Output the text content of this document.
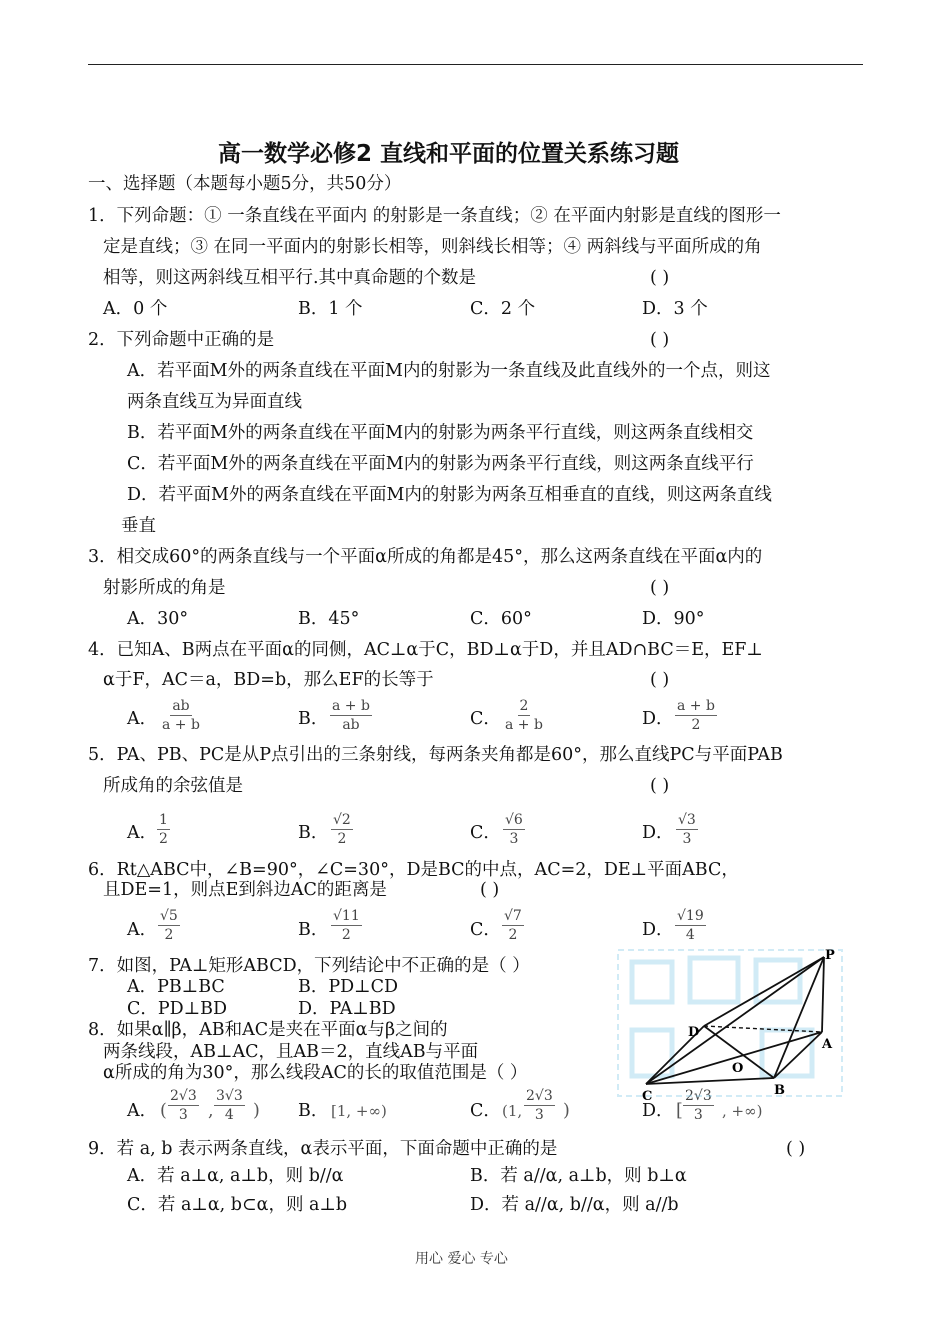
高一数学必修2 直线和平面的位置关系练习题
一、选择题（本题每小题5分，共50分）
1．下列命题：① 一条直线在平面内 的射影是一条直线；② 在平面内射影是直线的图形一
定是直线；③ 在同一平面内的射影长相等，则斜线长相等；④ 两斜线与平面所成的角
相等，则这两斜线互相平行.其中真命题的个数是	( )
A．0 个	B．1 个	C．2 个	D．3 个
2．下列命题中正确的是	( )
A．若平面M外的两条直线在平面M内的射影为一条直线及此直线外的一个点，则这
两条直线互为异面直线
B．若平面M外的两条直线在平面M内的射影为两条平行直线，则这两条直线相交
C．若平面M外的两条直线在平面M内的射影为两条平行直线，则这两条直线平行
D．若平面M外的两条直线在平面M内的射影为两条互相垂直的直线，则这两条直线
垂直
3．相交成60°的两条直线与一个平面α所成的角都是45°，那么这两条直线在平面α内的
射影所成的角是	( )
A．30°	B．45°	C．60°	D．90°
4．已知A、B两点在平面α的同侧，AC⊥α于C，BD⊥α于D，并且AD∩BC＝E，EF⊥
α于F，AC＝a，BD=b，那么EF的长等于	( )
A． $\frac{ab}{a + b}$	B． $\frac{a + b}{ab}$	C． $\frac{2}{a + b}$	D． $\frac{a + b}{2}$
5．PA、PB、PC是从P点引出的三条射线，每两条夹角都是60°，那么直线PC与平面PAB
所成角的余弦值是	( )
A． $\frac{1}{2}$	B． $\frac{√2}{2}$	C． $\frac{√6}{3}$	D． $\frac{√3}{3}$
6．Rt△ABC中，∠B=90°，∠C=30°，D是BC的中点，AC=2，DE⊥平面ABC，
且DE=1，则点E到斜边AC的距离是	( )
A． $\frac{√5}{2}$	B． $\frac{√11}{2}$	C． $\frac{√7}{2}$	D． $\frac{√19}{4}$
7．如图，PA⊥矩形ABCD，下列结论中不正确的是（ ）
A．PB⊥BC	B．PD⊥CD
C．PD⊥BD	D．PA⊥BD
8．如果α∥β，AB和AC是夹在平面α与β之间的
两条线段，AB⊥AC，且AB＝2，直线AB与平面
α所成的角为30°，那么线段AC的长的取值范围是（ ）
A． ( $\frac{2√3}{3}$ , $\frac{3√3}{4}$ ) B． [1, +∞)	C． (1, $\frac{2√3}{3}$ )	D． [ $\frac{2√3}{3}$ , +∞)
9．若 a, b 表示两条直线，α表示平面，下面命题中正确的是	( )
A．若 a⊥α, a⊥b，则 b//α	B．若 a//α, a⊥b，则 b⊥α
C．若 a⊥α, b⊂α，则 a⊥b	D．若 a//α, b//α，则 a//b
P
D
A
O
C	B
用心 爱心 专心
